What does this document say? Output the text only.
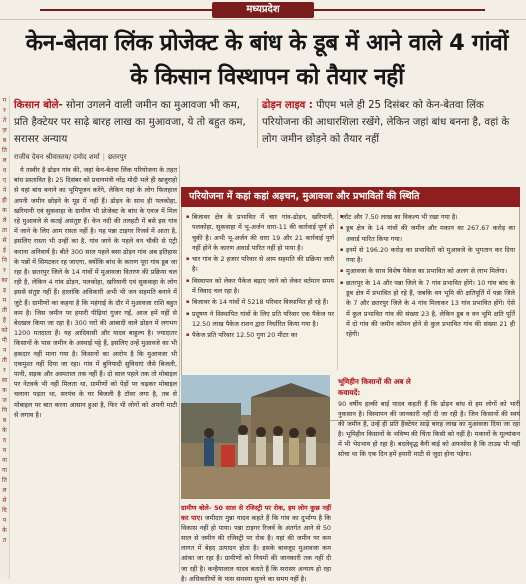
मध्यप्रदेश
ग
र
ते
ज़
ब
ति
ल
ध
ए
ने
ही
क
ले
ता
से
ई
नि
र
का
ड़
म
ती
है
को
पी
न
ती
र
सा
क
ज
पि
ब
के
द
य
ना
गा
ति
ल
से
दि
प
के
त
केन-बेतवा लिंक प्रोजेक्ट के बांध के डूब में आने वाले 4 गांवों के किसान विस्थापन को तैयार नहीं
किसान बोले- सोना उगलने वाली जमीन का मुआवजा भी कम, प्रति हैक्टेयर पर साढ़े बारह लाख का मुआवजा, ये तो बहुत कम, सरासर अन्याय
ढोड़न लाइव : पीएम भले ही 25 दिसंबर को केन-बेतवा लिंक परियोजना की आधारशिला रखेंगे, लेकिन जहां बांध बनना है, वहां के लोग जमीन छोड़ने को तैयार नहीं
राजीव देवन श्रीवास्तव/ दमोद शर्मा | छतरपुर

ये तस्वीर है ढोड़न गांव की, जहां केन-बेतवा लिंक परियोजना के तहत बांध प्रस्तावित है। 25 दिसंबर को प्रधानमंत्री नरेंद्र मोदी भले ही खजुराहो से यहां बांध बनाने का भूमिपूजन करेंगे, लेकिन यहां के लोग फिलहाल अपनी जमीन छोड़ने के मूड में नहीं हैं। ढोड़न के साथ ही पलकोहा, खरियानी एवं सुकवाहा के ग्रामीण भी प्रोजेक्ट के बांध के एवज में मिल रहे मुआवजे से कतई असंतुष्ट हैं। केन नदी की तलहटी में बसे इस गांव में जाने के लिए आम रास्ता नहीं है। यह पन्ना टाइगर रिजर्व में आता है, इसलिए रास्ता भी उन्हीं का है, गांव जाने के पहले वन चौकी से एंट्री कराना अनिवार्य है। बीते 300 साल पहले बसा ढोड़न गांव अब इतिहास के पन्नों में सिमटकर रह जाएगा, क्योंकि बांध के कारण पूरा गांव डूब जा रहा है। छतरपुर जिले के 14 गांवों में मुआवजा वितरण की प्रक्रिया चल रही है, लेकिन 4 गांव ढोड़न, पलकोहा, खरियानी एवं सुकवाहा के लोग इससे संतुष्ट नहीं हैं। हालांकि अधिकारी अभी भी जन सहमति बनाने में जुटे हैं। ग्रामीणों का कहना है कि महंगाई के दौर में मुआवजा राशि बहुत कम है। जिस जमीन पर हमारी पीढ़ियां गुजर गईं, आज हमें यहीं से बेदखल किया जा रहा है। 300 घरों की आबादी वाले ढोड़न में लगभग 1200 मतदाता हैं। यह आदिवासी और यादव बाहुल्य है। ज्यादातर किसानों के पास जमीन के अस्थाई पट्टे हैं, इसलिए उन्हें मुआवजे का भी हकदार नहीं माना गया है। किसानों का आरोप है कि मुआवजा भी एकमुश्त नहीं दिया जा रहा। गांव में बुनियादी सुविधाएं जैसे बिजली, पानी, सड़क और अस्पताल तक नहीं हैं। दो साल पहले तक तो मोबाइल पर नेटवर्क भी नहीं मिलता था, ग्रामीणों को पेड़ों पर चढ़कर मोबाइल चलाना पड़ता था, सरपंच के घर बिजली है टॉवर लगा है, तब से मोबाइल पर बात करना आसान हुआ है, फिर भी लोगों को अपनी माटी से लगाव है।

परियोजना में कहां कहां अड़चन, मुआवजा और प्रभावितों की स्थिति
▪ बिजावर क्षेत्र के प्रभावित में चार गांव-ढोड़न, खरियानी, पलकोहा, सुकवाहा में भू-अर्जन धारा-11 की कार्रवाई पूर्ण हो चुकी है। अभी भू-अर्जन की धारा 19 और 21 कार्रवाई पूर्ण नहीं होने के कारण अवार्ड पारित नहीं हो पाया है।
▪ चार गांव के 2 हजार परिवार से आम सहमति की प्रक्रिया जारी है।
▪ विस्थापन को लेकर पैकेज बढ़ाए जाने को लेकर वर्तमान समय में विवाद चल रहा है।
▪ बिजावर के 14 गांवों में 5218 परिवार विस्थापित हो रहे हैं।
▪ प्रदूषण ने विस्थापित गांवों के लिए प्रति परिवार एक पैकेज पर 12.50 लाख पैकेज राशन द्वारा निर्धारित किया गया है।
▪ पैकेज प्रति परिवार 12.50 गुना 20 मीटर का
▪ प्लॉट और 7.50 लाख का विकल्प भी रखा गया है।
▪ डूब क्षेत्र के 14 गांवों की जमीन और मकान का 267.67 करोड़ का अवार्ड पारित किया गया।
▪ इनमें से 196.20 करोड़ का प्रभावितों को मुआवजे के भुगतान कर दिया गया है।
▪ मुआवजा के साथ विशेष पैकेज का प्रभावित को अलग से लाभ मिलेगा।
▪ छतरपुर के 14 और पन्ना जिले के 7 गांव प्रभावित होंगे। 10 गांव बांध के डूब क्षेत्र में प्रभावित हो रहे हैं, जबकि वन भूमि की क्षतिपूर्ति में पन्ना जिले के 7 और छतरपुर जिले के 4 गांव मिलाकर 13 गांव प्रभावित होंगे। ऐसे में कुल प्रभावित गांव की संख्या 23 है, लेकिन डूब व वन भूमि क्षति पूर्ति में दो गांव की जमीन कॉमन होने से कुल प्रभावित गांव की संख्या 21 ही रहेगी।
ग्रामीण बोले- 50 साल से रजिस्ट्री पर रोक, हम लोग कुछ नहीं कर पाए। जमीदार मुन्ना यादव कहते हैं कि गांव का दुर्भाग्य है कि विकास नहीं हो पाया। पन्ना टाइगर रिजर्व के अंतर्गत आने से 50 साल से जमीन की रजिस्ट्री पर रोक है। यहां की जमीन पर कम लागत में बेहद उत्पादन होता है। इसके बावजूद मुआवजा कम आंका जा रहा है। ग्रामीणों को नियमों की जानकारी तक नहीं दी जा रही है। कन्हैयालाल यादव बताते हैं कि सरासर अन्याय हो रहा है। अधिकारियों के पास समस्या सुनने का समय नहीं है।
भूमिहीन किसानों की अब ले
कवायदें:
90 वर्षीय हल्की बाई यादव कहती हैं कि ढोड़न बांध से हम लोगों को भारी नुकसान है। विस्थापन की जानकारी नहीं दी जा रही है। जिन किसानों की स्वयं की जमीन है, उन्हें ही प्रति हैक्टेयर साढ़े बारह लाख का मुआवजा दिया जा रहा है। भूमिहीन किसानों के भविष्य की चिंता किसी को नहीं है। मकानों के मूल्यांकन में भी भेदभाव हो रहा है। बदलेवृद्ध बैनी बाई को अफसोस है कि ताउम्र भी नहीं सोचा था कि एक दिन हमें हमारी माटी से जुदा होना पड़ेगा।
